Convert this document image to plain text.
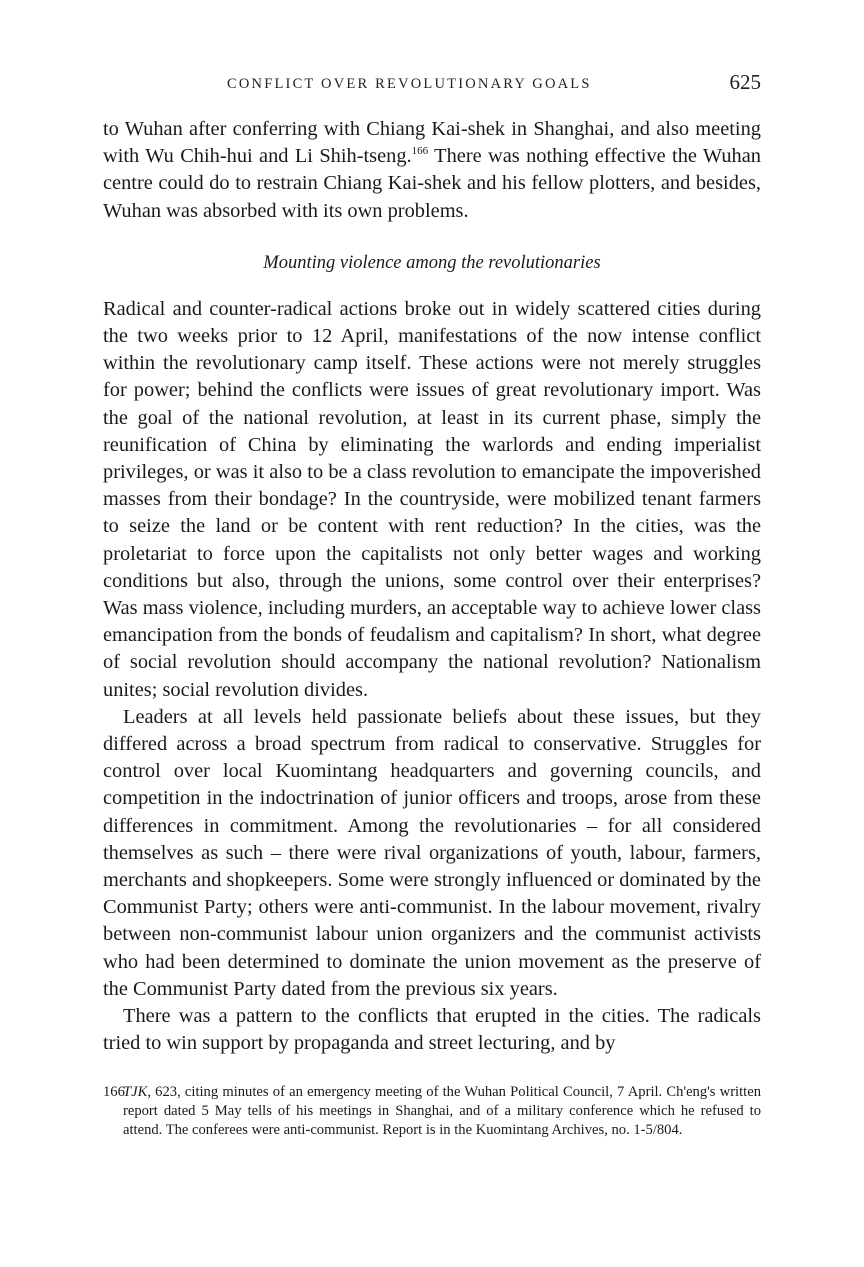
CONFLICT OVER REVOLUTIONARY GOALS	625

to Wuhan after conferring with Chiang Kai-shek in Shanghai, and also meeting with Wu Chih-hui and Li Shih-tseng.$^{166}$ There was nothing effective the Wuhan centre could do to restrain Chiang Kai-shek and his fellow plotters, and besides, Wuhan was absorbed with its own problems.

Mounting violence among the revolutionaries

Radical and counter-radical actions broke out in widely scattered cities during the two weeks prior to 12 April, manifestations of the now intense conflict within the revolutionary camp itself. These actions were not merely struggles for power; behind the conflicts were issues of great revolutionary import. Was the goal of the national revolution, at least in its current phase, simply the reunification of China by eliminating the warlords and ending imperialist privileges, or was it also to be a class revolution to emancipate the impoverished masses from their bondage? In the countryside, were mobilized tenant farmers to seize the land or be content with rent reduction? In the cities, was the proletariat to force upon the capitalists not only better wages and working conditions but also, through the unions, some control over their enterprises? Was mass violence, including murders, an acceptable way to achieve lower class emancipation from the bonds of feudalism and capitalism? In short, what degree of social revolution should accompany the national revolution? Nationalism unites; social revolution divides.

Leaders at all levels held passionate beliefs about these issues, but they differed across a broad spectrum from radical to conservative. Struggles for control over local Kuomintang headquarters and governing councils, and competition in the indoctrination of junior officers and troops, arose from these differences in commitment. Among the revolutionaries – for all considered themselves as such – there were rival organizations of youth, labour, farmers, merchants and shopkeepers. Some were strongly influenced or dominated by the Communist Party; others were anti-communist. In the labour movement, rivalry between non-communist labour union organizers and the communist activists who had been determined to dominate the union movement as the preserve of the Communist Party dated from the previous six years.

There was a pattern to the conflicts that erupted in the cities. The radicals tried to win support by propaganda and street lecturing, and by

166
TJK, 623, citing minutes of an emergency meeting of the Wuhan Political Council, 7 April. Ch'eng's written report dated 5 May tells of his meetings in Shanghai, and of a military conference which he refused to attend. The conferees were anti-communist. Report is in the Kuomintang Archives, no. 1-5/804.
